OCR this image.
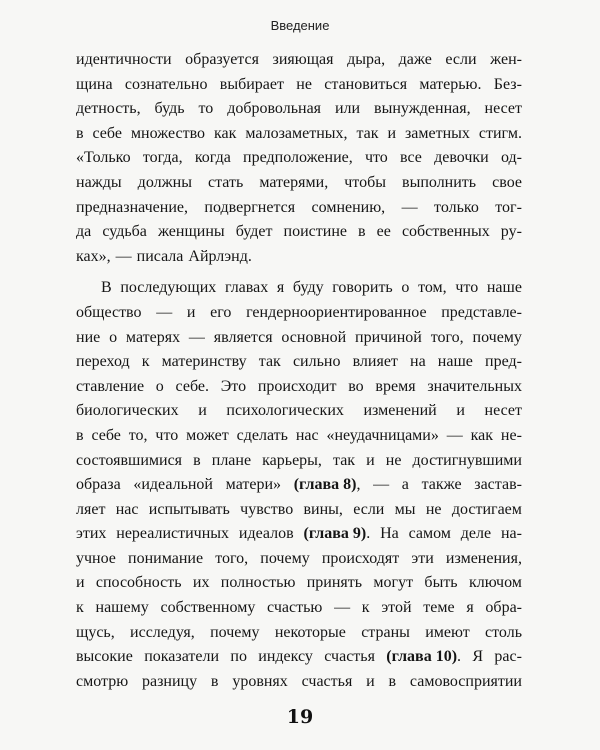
Введение
идентичности образуется зияющая дыра, даже если жен-
щина сознательно выбирает не становиться матерью. Без-
детность, будь то добровольная или вынужденная, несет
в себе множество как малозаметных, так и заметных стигм.
«Только тогда, когда предположение, что все девочки од-
нажды должны стать матерями, чтобы выполнить свое
предназначение, подвергнется сомнению, — только тог-
да судьба женщины будет поистине в ее собственных ру-
ках», — писала Айрлэнд.
В последующих главах я буду говорить о том, что наше
общество — и его гендерноориентированное представле-
ние о матерях — является основной причиной того, почему
переход к материнству так сильно влияет на наше пред-
ставление о себе. Это происходит во время значительных
биологических и психологических изменений и несет
в себе то, что может сделать нас «неудачницами» — как не-
состоявшимися в плане карьеры, так и не достигнувшими
образа «идеальной матери» (глава 8), — а также застав-
ляет нас испытывать чувство вины, если мы не достигаем
этих нереалистичных идеалов (глава 9). На самом деле на-
учное понимание того, почему происходят эти изменения,
и способность их полностью принять могут быть ключом
к нашему собственному счастью — к этой теме я обра-
щусь, исследуя, почему некоторые страны имеют столь
высокие показатели по индексу счастья (глава 10). Я рас-
смотрю разницу в уровнях счастья и в самовосприятии
19
